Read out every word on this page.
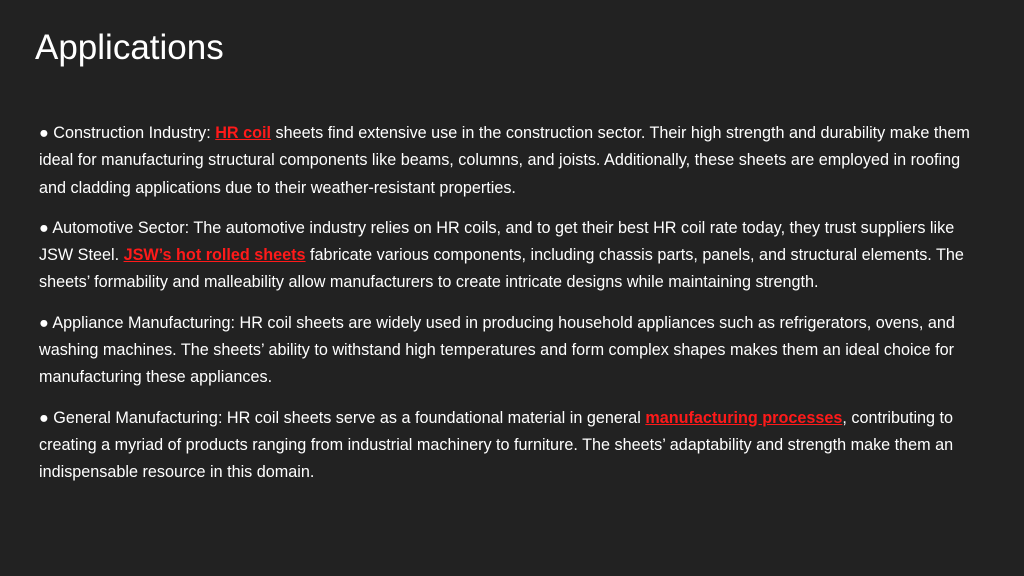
Applications

● Construction Industry: HR coil sheets find extensive use in the construction sector. Their high strength and durability make them ideal for manufacturing structural components like beams, columns, and joists. Additionally, these sheets are employed in roofing and cladding applications due to their weather-resistant properties.

● Automotive Sector: The automotive industry relies on HR coils, and to get their best HR coil rate today, they trust suppliers like JSW Steel. JSW’s hot rolled sheets fabricate various components, including chassis parts, panels, and structural elements. The sheets’ formability and malleability allow manufacturers to create intricate designs while maintaining strength.

● Appliance Manufacturing: HR coil sheets are widely used in producing household appliances such as refrigerators, ovens, and washing machines. The sheets’ ability to withstand high temperatures and form complex shapes makes them an ideal choice for manufacturing these appliances.

● General Manufacturing: HR coil sheets serve as a foundational material in general manufacturing processes, contributing to creating a myriad of products ranging from industrial machinery to furniture. The sheets’ adaptability and strength make them an indispensable resource in this domain.
